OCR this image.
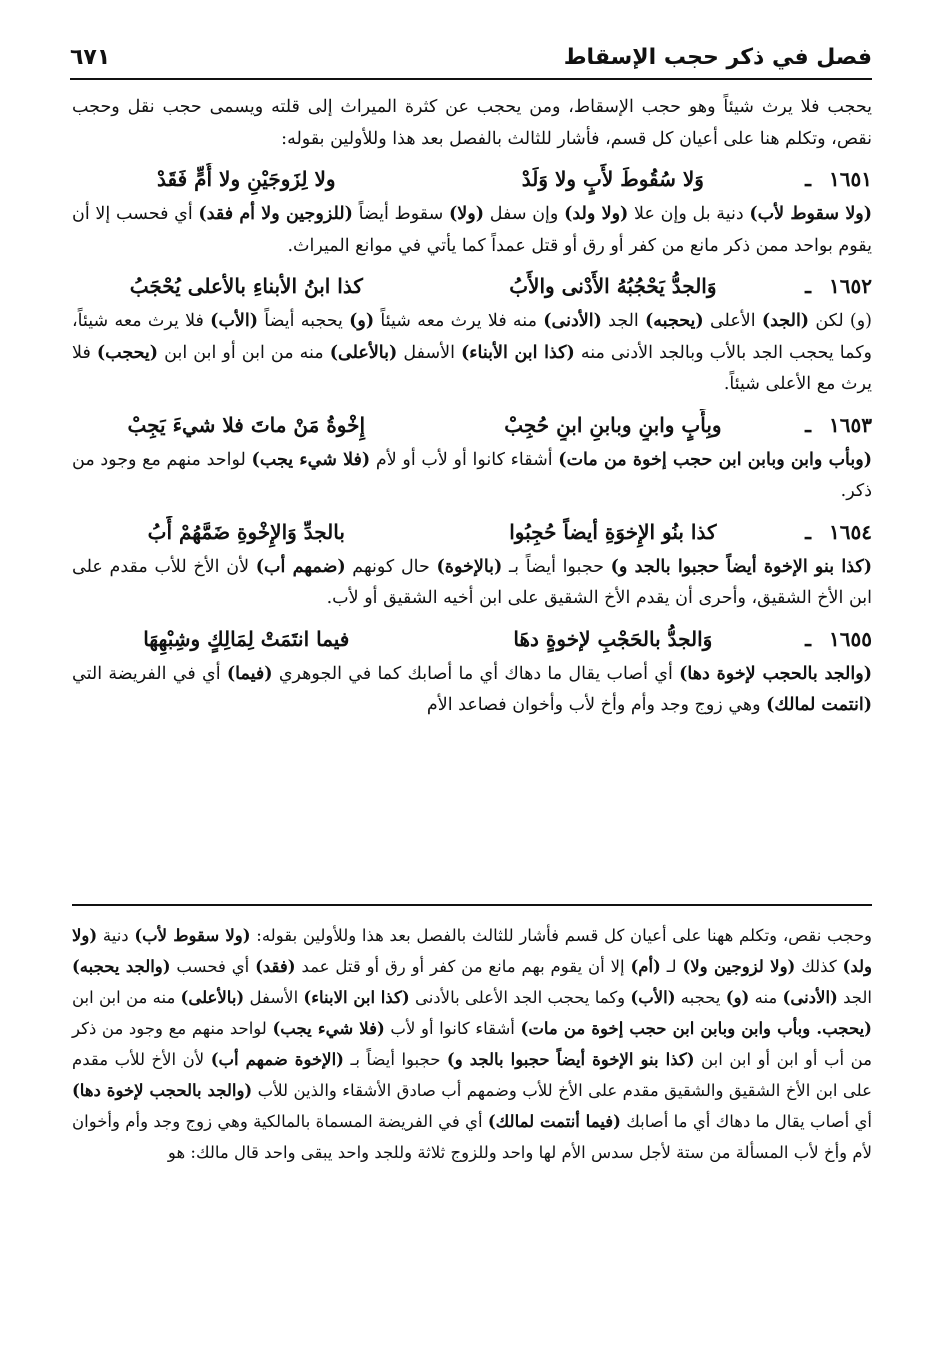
فصل في ذكر حجب الإسقاط
٦٧١

يحجب فلا يرث شيئاً وهو حجب الإسقاط، ومن يحجب عن كثرة الميراث إلى قلته ويسمى حجب نقل وحجب نقص، وتكلم هنا على أعيان كل قسم، فأشار للثالث بالفصل بعد هذا وللأولين بقوله:

١٦٥١
ـ
وَلا سُقُوطَ لأَبٍ ولا وَلَدْ
ولا لِزَوجَيْنِ ولا أُمٍّ فَقَدْ

(ولا سقوط لأب) دنية بل وإن علا (ولا ولد) وإن سفل (ولا) سقوط أيضاً (للزوجين ولا أم فقد) أي فحسب إلا أن يقوم بواحد ممن ذكر مانع من كفر أو رق أو قتل عمداً كما يأتي في موانع الميراث.

١٦٥٢
ـ
وَالجدُّ يَحْجُبُهُ الأَدْنى والأَبُ
كذا ابنُ الأبناءِ بالأعلى يُحْجَبُ

(و) لكن (الجد) الأعلى (يحجبه) الجد (الأدنى) منه فلا يرث معه شيئاً (و) يحجبه أيضاً (الأب) فلا يرث معه شيئاً، وكما يحجب الجد بالأب وبالجد الأدنى منه (كذا ابن الأبناء) الأسفل (بالأعلى) منه من ابن أو ابن ابن (يحجب) فلا يرث مع الأعلى شيئاً.

١٦٥٣
ـ
وبِأَبٍ وابنٍ وبابنِ ابنٍ حُجِبْ
إِخْوةُ مَنْ ماتَ فلا شيءَ يَجِبْ

(وبأب وابن وبابن ابن حجب إخوة من مات) أشقاء كانوا أو لأب أو لأم (فلا شيء يجب) لواحد منهم مع وجود من ذكر.

١٦٥٤
ـ
كذا بنُو الإِخوَةِ أيضاً حُجِبُوا
بالجدِّ وَالإِخْوةِ ضَمَّهُمْ أَبُ

(كذا بنو الإخوة أيضاً حجبوا بالجد و) حجبوا أيضاً بـ (بالإخوة) حال كونهم (ضمهم أب) لأن الأخ للأب مقدم على ابن الأخ الشقيق، وأحرى أن يقدم الأخ الشقيق على ابن أخيه الشقيق أو لأب.

١٦٥٥
ـ
وَالجدُّ بالحَجْبِ لإخوةٍ دهَا
فيما انتَمَتْ لِمَالِكٍ وشِبْهِهَا

(والجد بالحجب لإخوة دها) أي أصاب يقال ما دهاك أي ما أصابك كما في الجوهري (فيما) أي في الفريضة التي (انتمت لمالك) وهي زوج وجد وأم وأخ لأب وأخوان فصاعد الأم

وحجب نقص، وتكلم ههنا على أعيان كل قسم فأشار للثالث بالفصل بعد هذا وللأولين بقوله: (ولا سقوط لأب) دنية (ولا ولد) كذلك (ولا لزوجين ولا) لـ (أم) إلا أن يقوم بهم مانع من كفر أو رق أو قتل عمد (فقد) أي فحسب (والجد يحجبه) الجد (الأدنى) منه (و) يحجبه (الأب) وكما يحجب الجد الأعلى بالأدنى (كذا ابن الابناء) الأسفل (بالأعلى) منه من ابن ابن (يحجب. وبأب وابن وبابن ابن حجب إخوة من مات) أشقاء كانوا أو لأب (فلا شيء يجب) لواحد منهم مع وجود من ذكر من أب أو ابن أو ابن ابن (كذا بنو الإخوة أيضاً حجبوا بالجد و) حجبوا أيضاً بـ (الإخوة ضمهم أب) لأن الأخ للأب مقدم على ابن الأخ الشقيق والشقيق مقدم على الأخ للأب وضمهم أب صادق الأشقاء والذين للأب (والجد بالحجب لإخوة دها) أي أصاب يقال ما دهاك أي ما أصابك (فيما أنتمت لمالك) أي في الفريضة المسماة بالمالكية وهي زوج وجد وأم وأخوان لأم وأخ لأب المسألة من ستة لأجل سدس الأم لها واحد وللزوج ثلاثة وللجد واحد يبقى واحد قال مالك: هو
